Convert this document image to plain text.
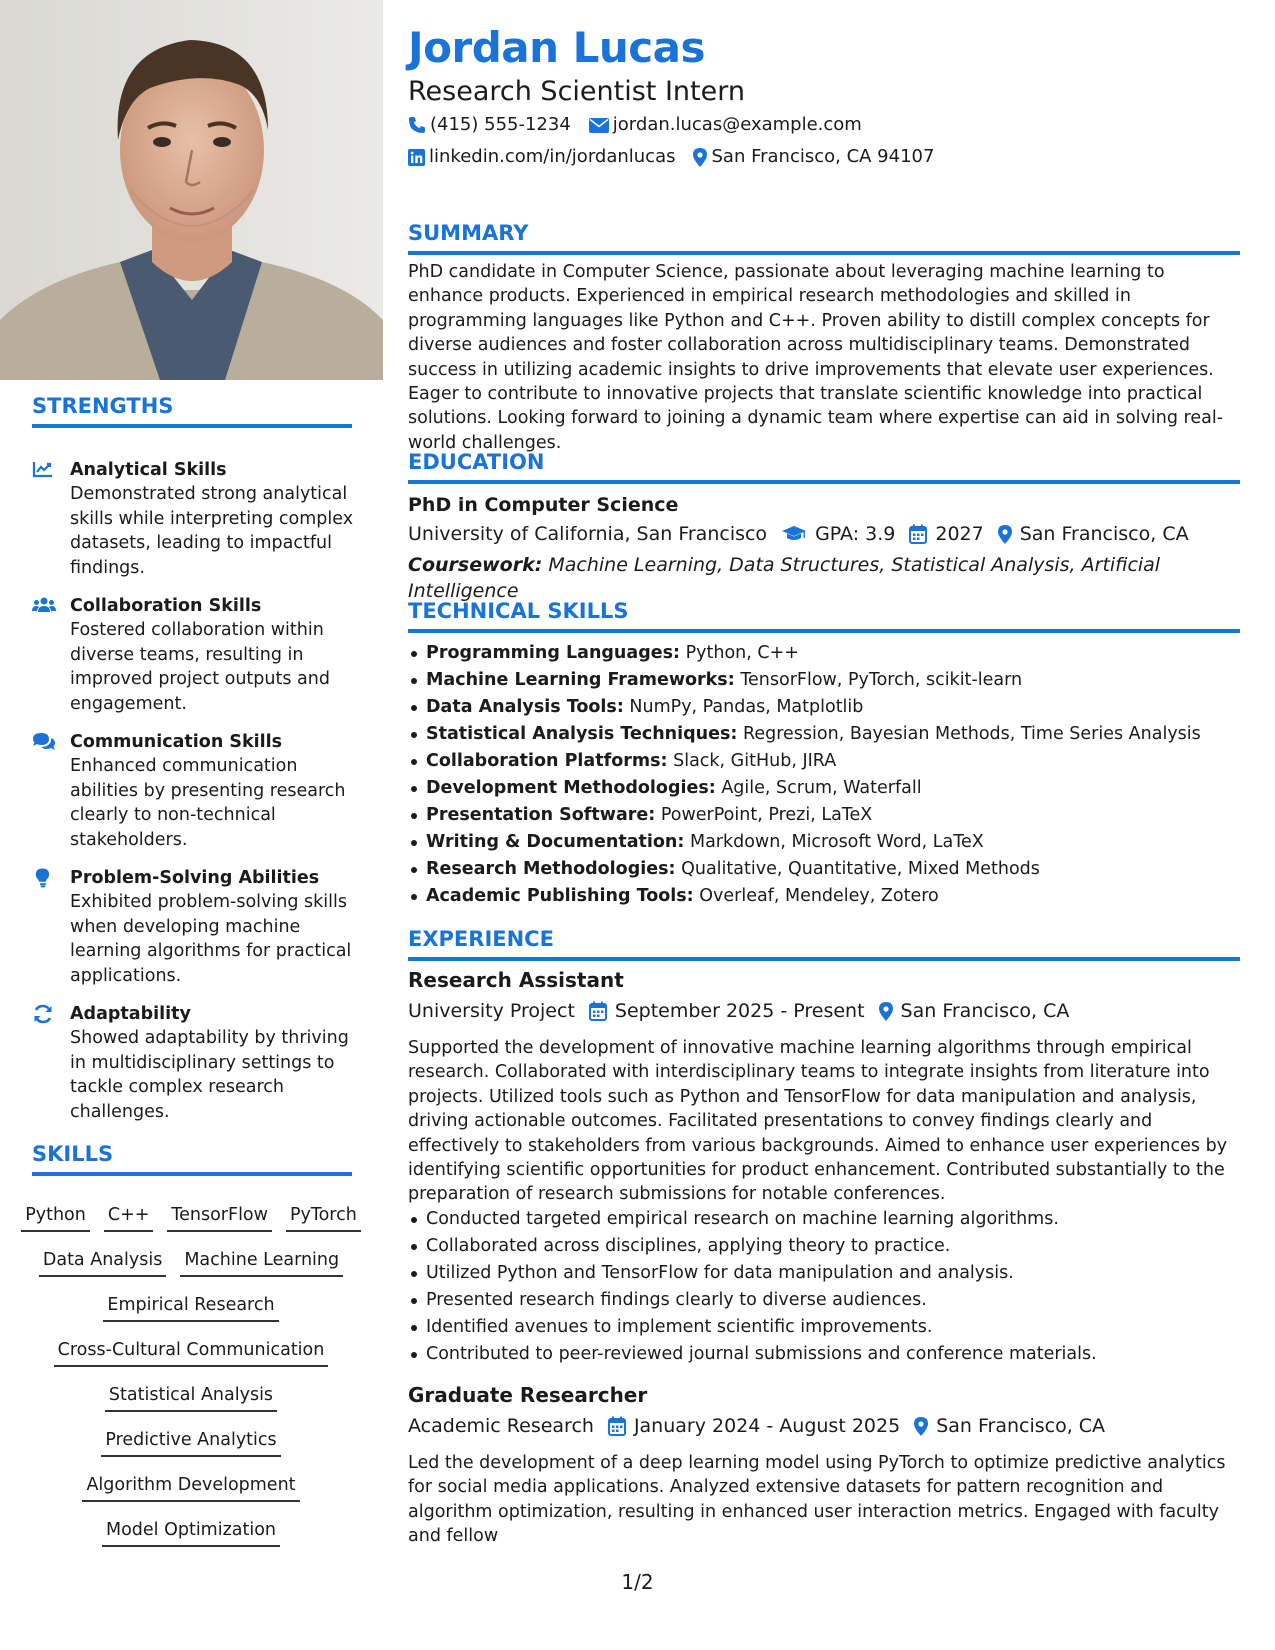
STRENGTHS
Analytical Skills
Demonstrated strong analytical skills while interpreting complex datasets, leading to impactful findings.
Collaboration Skills
Fostered collaboration within diverse teams, resulting in improved project outputs and engagement.
Communication Skills
Enhanced communication abilities by presenting research clearly to non-technical stakeholders.
Problem-Solving Abilities
Exhibited problem-solving skills when developing machine learning algorithms for practical applications.
Adaptability
Showed adaptability by thriving in multidisciplinary settings to tackle complex research challenges.
SKILLS
Python C++ TensorFlow PyTorch
Data Analysis Machine Learning
Empirical Research
Cross-Cultural Communication
Statistical Analysis
Predictive Analytics
Algorithm Development
Model Optimization
Jordan Lucas
Research Scientist Intern
(415) 555-1234 jordan.lucas@example.com
linkedin.com/in/jordanlucas San Francisco, CA 94107
SUMMARY
PhD candidate in Computer Science, passionate about leveraging machine learning to enhance products. Experienced in empirical research methodologies and skilled in programming languages like Python and C++. Proven ability to distill complex concepts for diverse audiences and foster collaboration across multidisciplinary teams. Demonstrated success in utilizing academic insights to drive improvements that elevate user experiences. Eager to contribute to innovative projects that translate scientific knowledge into practical solutions. Looking forward to joining a dynamic team where expertise can aid in solving real-world challenges.
EDUCATION
PhD in Computer Science
University of California, San Francisco	GPA: 3.9 2027 San Francisco, CA
Coursework: Machine Learning, Data Structures, Statistical Analysis, Artificial Intelligence
TECHNICAL SKILLS
Programming Languages: Python, C++
Machine Learning Frameworks: TensorFlow, PyTorch, scikit-learn
Data Analysis Tools: NumPy, Pandas, Matplotlib
Statistical Analysis Techniques: Regression, Bayesian Methods, Time Series Analysis
Collaboration Platforms: Slack, GitHub, JIRA
Development Methodologies: Agile, Scrum, Waterfall
Presentation Software: PowerPoint, Prezi, LaTeX
Writing & Documentation: Markdown, Microsoft Word, LaTeX
Research Methodologies: Qualitative, Quantitative, Mixed Methods
Academic Publishing Tools: Overleaf, Mendeley, Zotero
EXPERIENCE
Research Assistant
University Project September 2025 - Present San Francisco, CA
Supported the development of innovative machine learning algorithms through empirical research. Collaborated with interdisciplinary teams to integrate insights from literature into projects. Utilized tools such as Python and TensorFlow for data manipulation and analysis, driving actionable outcomes. Facilitated presentations to convey findings clearly and effectively to stakeholders from various backgrounds. Aimed to enhance user experiences by identifying scientific opportunities for product enhancement. Contributed substantially to the preparation of research submissions for notable conferences.
Conducted targeted empirical research on machine learning algorithms.
Collaborated across disciplines, applying theory to practice.
Utilized Python and TensorFlow for data manipulation and analysis.
Presented research findings clearly to diverse audiences.
Identified avenues to implement scientific improvements.
Contributed to peer-reviewed journal submissions and conference materials.
Graduate Researcher
Academic Research January 2024 - August 2025 San Francisco, CA
Led the development of a deep learning model using PyTorch to optimize predictive analytics for social media applications. Analyzed extensive datasets for pattern recognition and algorithm optimization, resulting in enhanced user interaction metrics. Engaged with faculty and fellow
1/2
